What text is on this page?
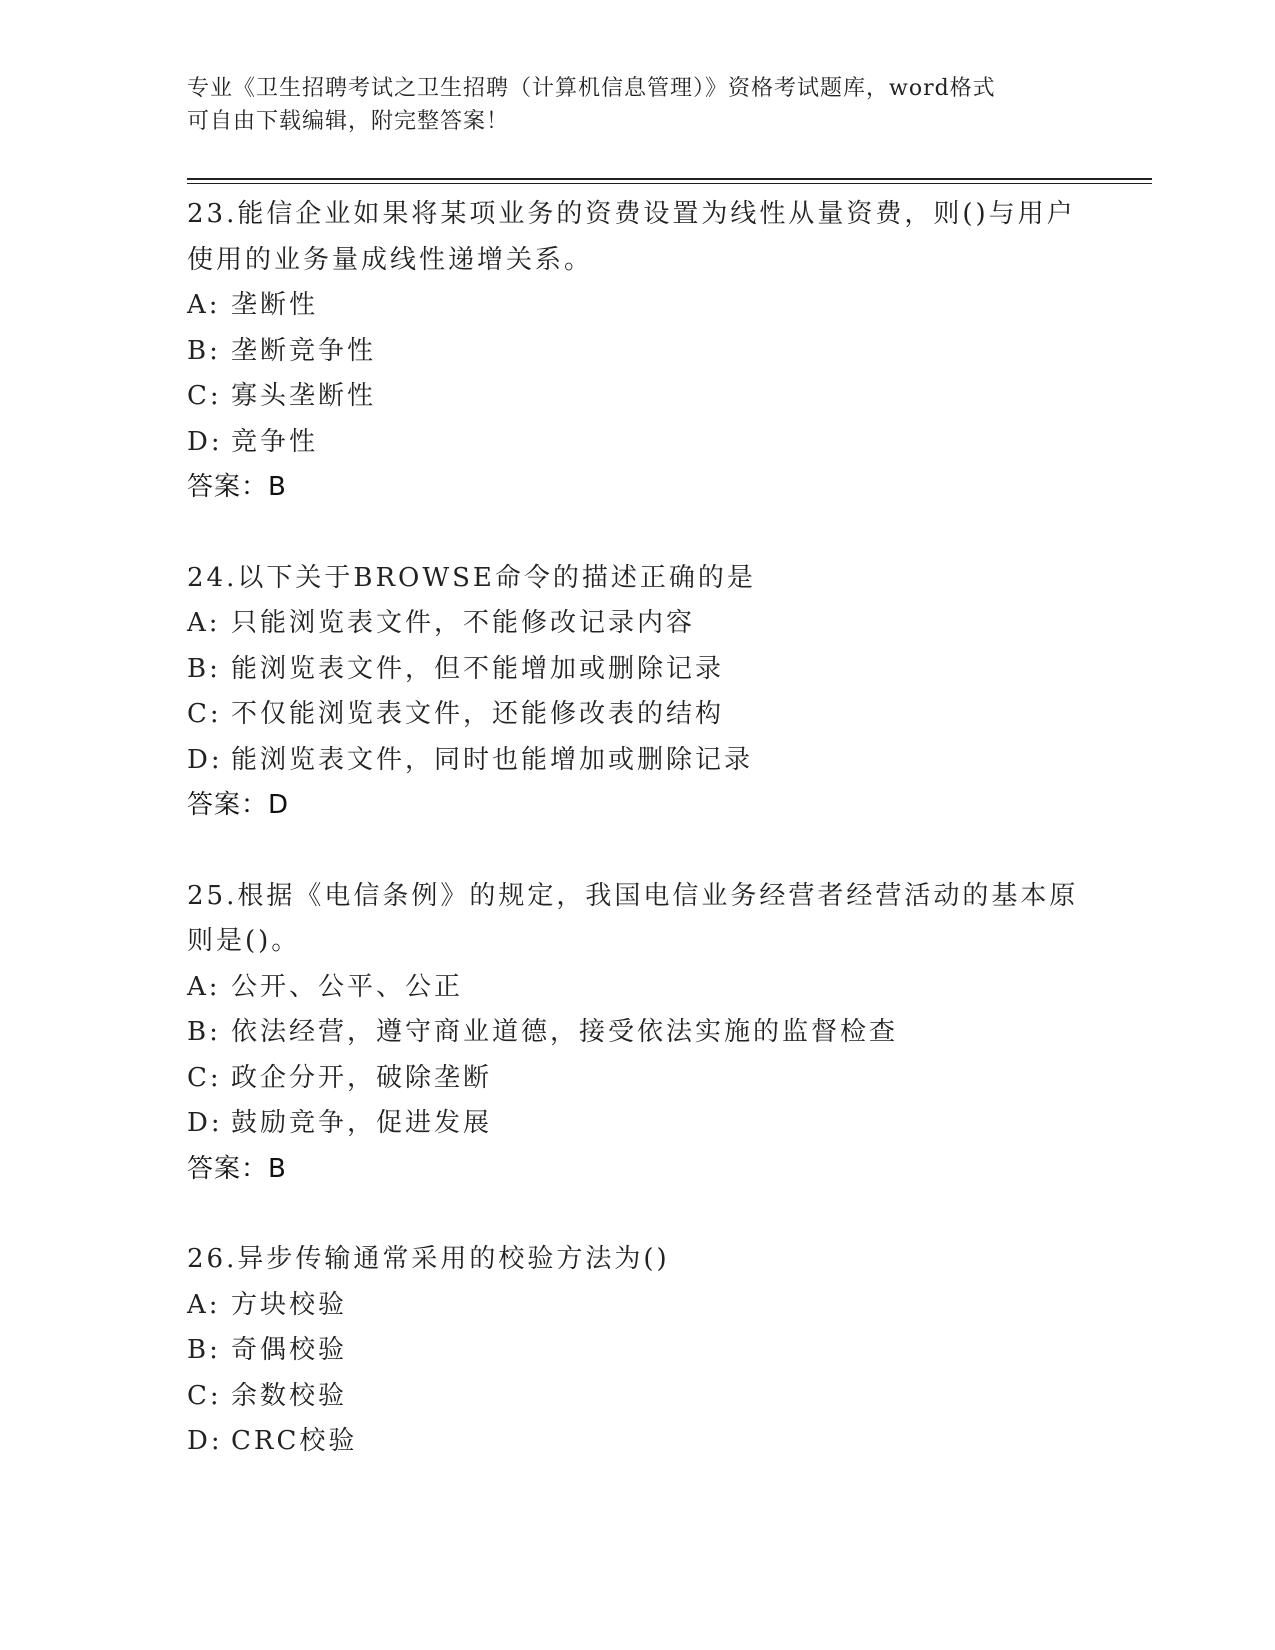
专业《卫生招聘考试之卫生招聘（计算机信息管理）》资格考试题库，word格式
可自由下载编辑，附完整答案！

23.能信企业如果将某项业务的资费设置为线性从量资费，则()与用户

使用的业务量成线性递增关系。

A: 垄断性

B: 垄断竞争性

C: 寡头垄断性

D: 竞争性

答案：B

24.以下关于BROWSE命令的描述正确的是

A: 只能浏览表文件，不能修改记录内容

B: 能浏览表文件，但不能增加或删除记录

C: 不仅能浏览表文件，还能修改表的结构

D: 能浏览表文件，同时也能增加或删除记录

答案：D

25.根据《电信条例》的规定，我国电信业务经营者经营活动的基本原

则是()。

A: 公开、公平、公正

B: 依法经营，遵守商业道德，接受依法实施的监督检查

C: 政企分开，破除垄断

D: 鼓励竞争，促进发展

答案：B

26.异步传输通常采用的校验方法为()

A: 方块校验

B: 奇偶校验

C: 余数校验

D: CRC校验
